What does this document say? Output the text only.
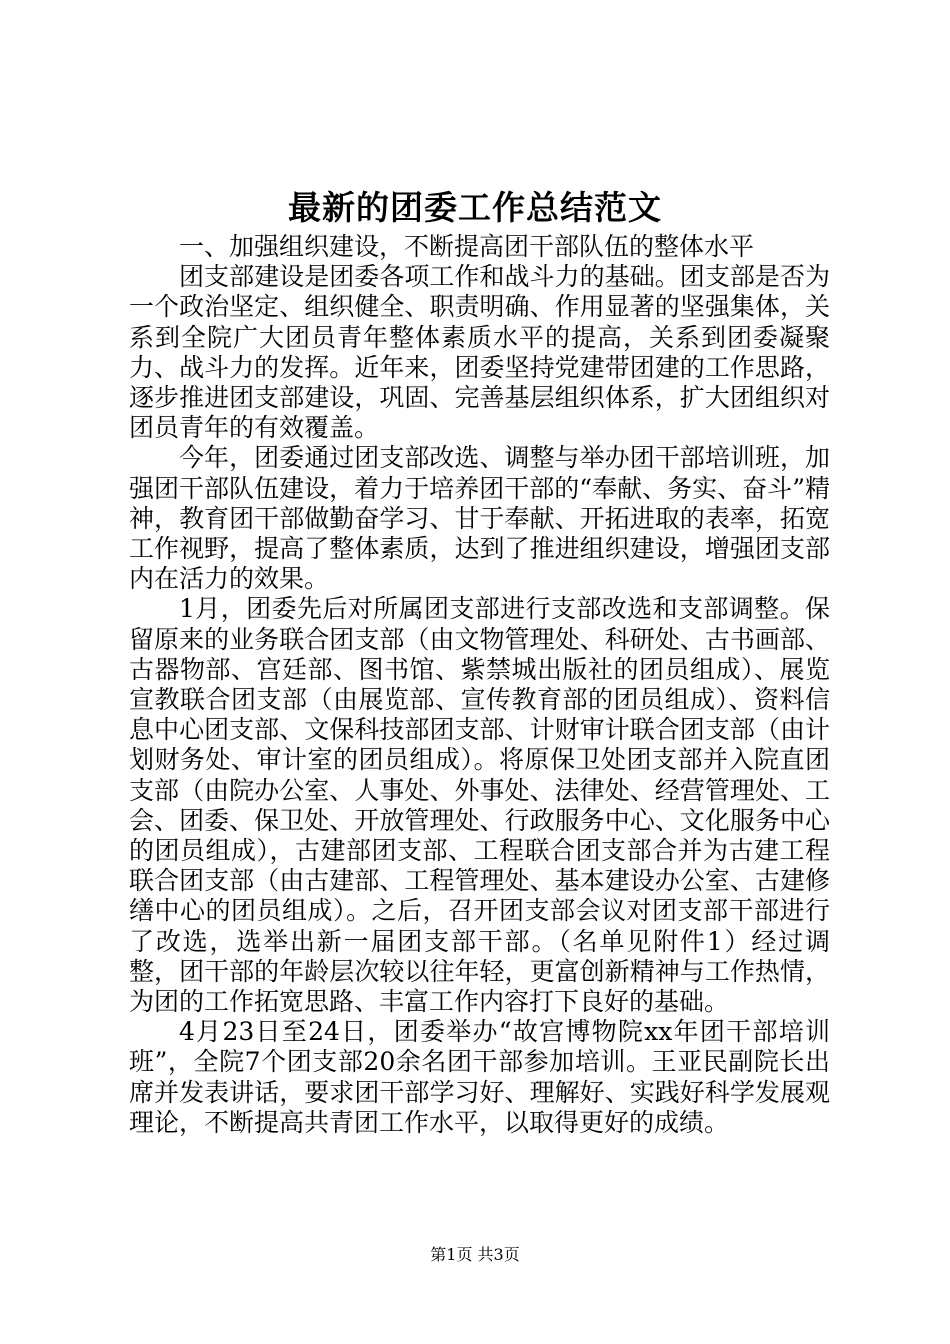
最新的团委工作总结范文

一、加强组织建设，不断提高团干部队伍的整体水平

团支部建设是团委各项工作和战斗力的基础。团支部是否为一个政治坚定、组织健全、职责明确、作用显著的坚强集体，关系到全院广大团员青年整体素质水平的提高，关系到团委凝聚力、战斗力的发挥。近年来，团委坚持党建带团建的工作思路，逐步推进团支部建设，巩固、完善基层组织体系，扩大团组织对团员青年的有效覆盖。

今年，团委通过团支部改选、调整与举办团干部培训班，加强团干部队伍建设，着力于培养团干部的“奉献、务实、奋斗”精神，教育团干部做勤奋学习、甘于奉献、开拓进取的表率，拓宽工作视野，提高了整体素质，达到了推进组织建设，增强团支部内在活力的效果。

1月，团委先后对所属团支部进行支部改选和支部调整。保留原来的业务联合团支部（由文物管理处、科研处、古书画部、古器物部、宫廷部、图书馆、紫禁城出版社的团员组成）、展览宣教联合团支部（由展览部、宣传教育部的团员组成）、资料信息中心团支部、文保科技部团支部、计财审计联合团支部（由计划财务处、审计室的团员组成）。将原保卫处团支部并入院直团支部（由院办公室、人事处、外事处、法律处、经营管理处、工会、团委、保卫处、开放管理处、行政服务中心、文化服务中心的团员组成），古建部团支部、工程联合团支部合并为古建工程联合团支部（由古建部、工程管理处、基本建设办公室、古建修缮中心的团员组成）。之后，召开团支部会议对团支部干部进行了改选，选举出新一届团支部干部。（名单见附件1）经过调整，团干部的年龄层次较以往年轻，更富创新精神与工作热情，为团的工作拓宽思路、丰富工作内容打下良好的基础。

4月23日至24日，团委举办“故宫博物院xx年团干部培训班”，全院7个团支部20余名团干部参加培训。王亚民副院长出席并发表讲话，要求团干部学习好、理解好、实践好科学发展观理论，不断提高共青团工作水平，以取得更好的成绩。

第1页 共3页
